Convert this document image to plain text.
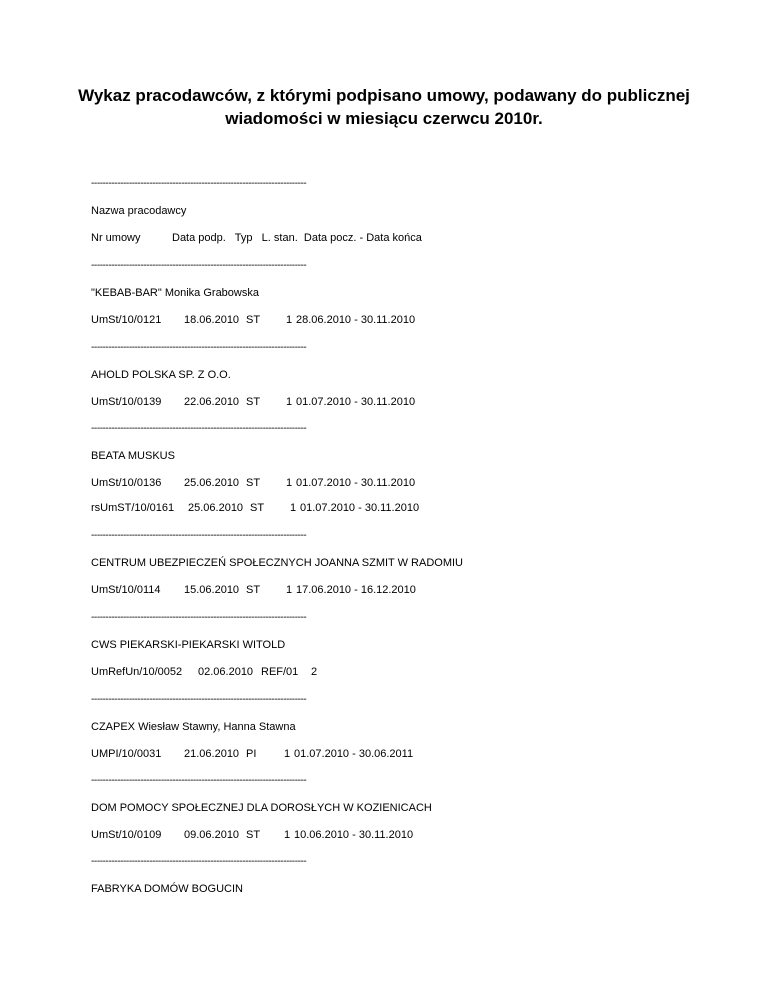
Wykaz pracodawców, z którymi podpisano umowy, podawany do publicznej
wiadomości w miesiącu czerwcu 2010r.
--------------------------------------------------------------------------
Nazwa pracodawcy

Nr umowy

	Data podp.   Typ   L. stan.  Data pocz. - Data końca

--------------------------------------------------------------------------
"KEBAB-BAR" Monika Grabowska

UmSt/10/0121

18.06.2010

ST

1

28.06.2010 - 30.11.2010

--------------------------------------------------------------------------
AHOLD POLSKA SP. Z O.O.

UmSt/10/0139

22.06.2010

ST

1

01.07.2010 - 30.11.2010

--------------------------------------------------------------------------
BEATA MUSKUS

UmSt/10/0136

25.06.2010

ST

1

01.07.2010 - 30.11.2010

rsUmST/10/0161

25.06.2010

ST

1

01.07.2010 - 30.11.2010

--------------------------------------------------------------------------
CENTRUM UBEZPIECZEŃ SPOŁECZNYCH JOANNA SZMIT W RADOMIU

UmSt/10/0114

15.06.2010

ST

1

17.06.2010 - 16.12.2010

--------------------------------------------------------------------------
CWS PIEKARSKI-PIEKARSKI WITOLD

UmRefUn/10/0052

02.06.2010

REF/01

2

--------------------------------------------------------------------------
CZAPEX Wiesław Stawny, Hanna Stawna

UMPI/10/0031

21.06.2010

PI

	1

01.07.2010 - 30.06.2011

--------------------------------------------------------------------------
DOM POMOCY SPOŁECZNEJ DLA DOROSŁYCH W KOZIENICACH

UmSt/10/0109

09.06.2010

ST

1

10.06.2010 - 30.11.2010

--------------------------------------------------------------------------
FABRYKA DOMÓW BOGUCIN
